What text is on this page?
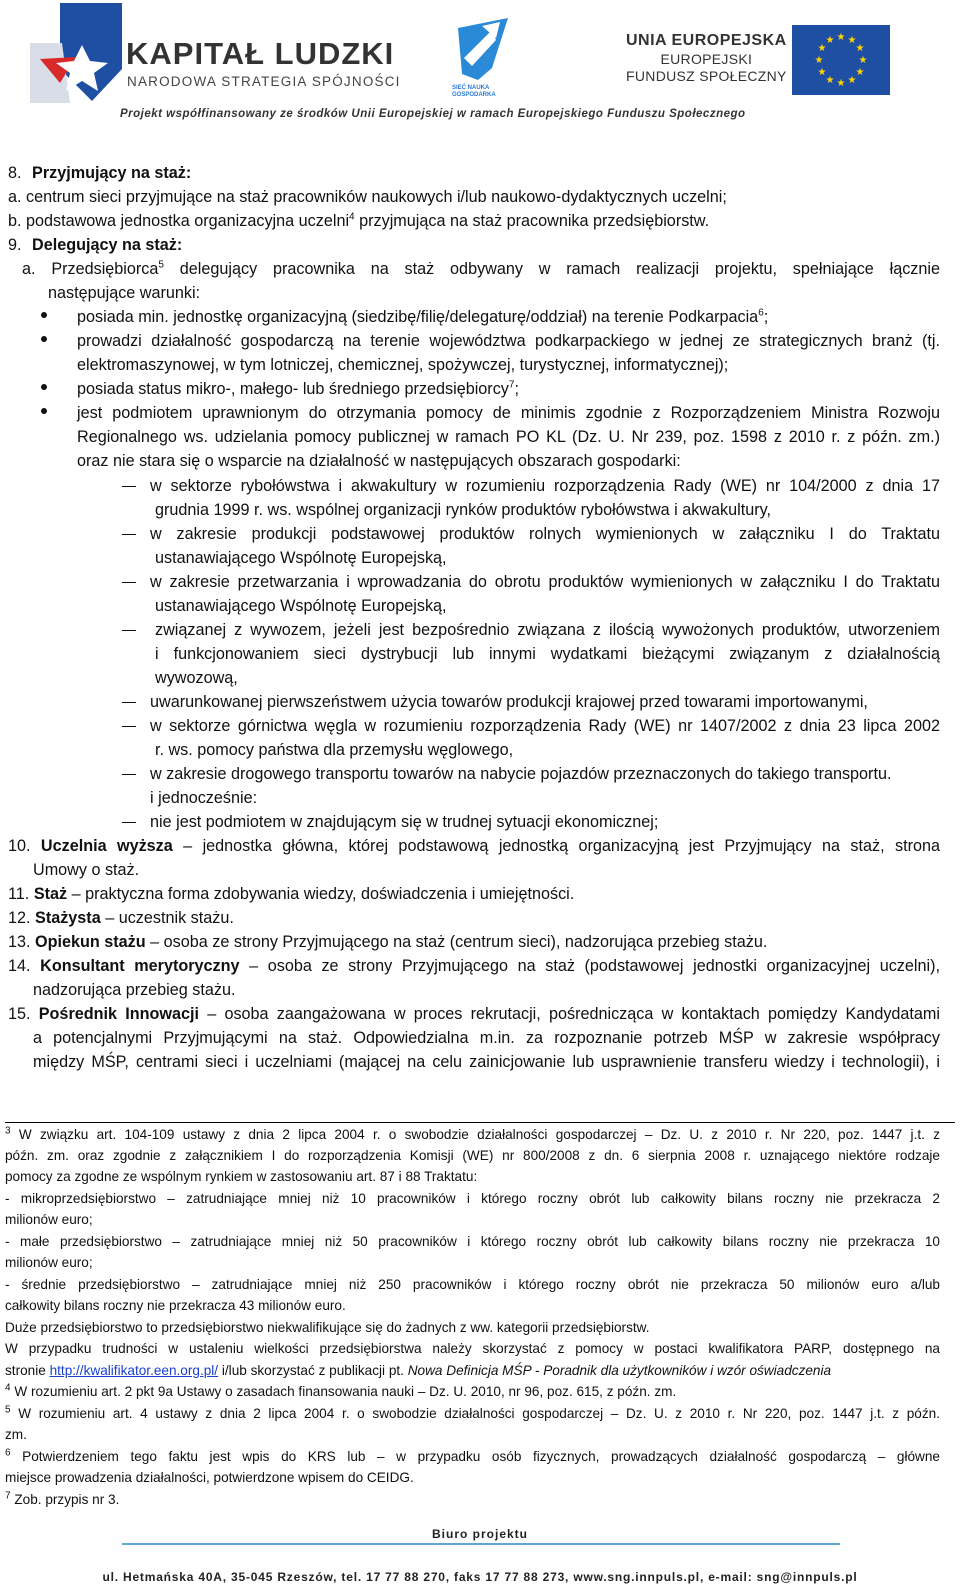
KAPITAŁ LUDZKI
NARODOWA STRATEGIA SPÓJNOŚCI	SIEĆ NAUKA GOSPODARKA
UNIA EUROPEJSKA
EUROPEJSKI
FUNDUSZ SPOŁECZNY
★ ★
★
★
★
★
★
★
★
★
★
★
Projekt współfinansowany ze środków Unii Europejskiej w ramach Europejskiego Funduszu Społecznego
8. Przyjmujący na staż:
a. centrum sieci przyjmujące na staż pracowników naukowych i/lub naukowo-dydaktycznych uczelni;
b. podstawowa jednostka organizacyjna uczelni$^4$ przyjmująca na staż pracownika przedsiębiorstw.
9. Delegujący na staż:
a. Przedsiębiorca$^5$ delegujący pracownika na staż odbywany w ramach realizacji projektu, spełniające łącznie
następujące warunki:
posiada min. jednostkę organizacyjną (siedzibę/filię/delegaturę/oddział) na terenie Podkarpacia$^6$;
prowadzi działalność gospodarczą na terenie województwa podkarpackiego w jednej ze strategicznych branż (tj.
elektromaszynowej, w tym lotniczej, chemicznej, spożywczej, turystycznej, informatycznej);
posiada status mikro-, małego- lub średniego przedsiębiorcy$^7$;
jest podmiotem uprawnionym do otrzymania pomocy de minimis zgodnie z Rozporządzeniem Ministra Rozwoju
Regionalnego ws. udzielania pomocy publicznej w ramach PO KL (Dz. U. Nr 239, poz. 1598 z 2010 r. z późn. zm.)
oraz nie stara się o wsparcie na działalność w następujących obszarach gospodarki:
w sektorze rybołówstwa i akwakultury w rozumieniu rozporządzenia Rady (WE) nr 104/2000 z dnia 17
grudnia 1999 r. ws. wspólnej organizacji rynków produktów rybołówstwa i akwakultury,
w zakresie produkcji podstawowej produktów rolnych wymienionych w załączniku I do Traktatu
ustanawiającego Wspólnotę Europejską,
w zakresie przetwarzania i wprowadzania do obrotu produktów wymienionych w załączniku I do Traktatu
ustanawiającego Wspólnotę Europejską,
związanej z wywozem, jeżeli jest bezpośrednio związana z ilością wywożonych produktów, utworzeniem
i funkcjonowaniem sieci dystrybucji lub innymi wydatkami bieżącymi związanym z działalnością
wywozową,
uwarunkowanej pierwszeństwem użycia towarów produkcji krajowej przed towarami importowanymi,
w sektorze górnictwa węgla w rozumieniu rozporządzenia Rady (WE) nr 1407/2002 z dnia 23 lipca 2002
r. ws. pomocy państwa dla przemysłu węglowego,
w zakresie drogowego transportu towarów na nabycie pojazdów przeznaczonych do takiego transportu.
i jednocześnie:
nie jest podmiotem w znajdującym się w trudnej sytuacji ekonomicznej;
10. Uczelnia wyższa – jednostka główna, której podstawową jednostką organizacyjną jest Przyjmujący na staż, strona
Umowy o staż.
11. Staż – praktyczna forma zdobywania wiedzy, doświadczenia i umiejętności.
12. Stażysta – uczestnik stażu.
13. Opiekun stażu – osoba ze strony Przyjmującego na staż (centrum sieci), nadzorująca przebieg stażu.
14. Konsultant merytoryczny – osoba ze strony Przyjmującego na staż (podstawowej jednostki organizacyjnej uczelni),
nadzorująca przebieg stażu.
15. Pośrednik Innowacji – osoba zaangażowana w proces rekrutacji, pośrednicząca w kontaktach pomiędzy Kandydatami
a potencjalnymi Przyjmującymi na staż. Odpowiedzialna m.in. za rozpoznanie potrzeb MŚP w zakresie współpracy
między MŚP, centrami sieci i uczelniami (mającej na celu zainicjowanie lub usprawnienie transferu wiedzy i technologii), i
$^3$ W związku art. 104-109 ustawy z dnia 2 lipca 2004 r. o swobodzie działalności gospodarczej – Dz. U. z 2010 r. Nr 220, poz. 1447 j.t. z
późn. zm. oraz zgodnie z załącznikiem I do rozporządzenia Komisji (WE) nr 800/2008 z dn. 6 sierpnia 2008 r. uznającego niektóre rodzaje
pomocy za zgodne ze wspólnym rynkiem w zastosowaniu art. 87 i 88 Traktatu:
- mikroprzedsiębiorstwo – zatrudniające mniej niż 10 pracowników i którego roczny obrót lub całkowity bilans roczny nie przekracza 2
milionów euro;
- małe przedsiębiorstwo – zatrudniające mniej niż 50 pracowników i którego roczny obrót lub całkowity bilans roczny nie przekracza 10
milionów euro;
- średnie przedsiębiorstwo – zatrudniające mniej niż 250 pracowników i którego roczny obrót nie przekracza 50 milionów euro a/lub
całkowity bilans roczny nie przekracza 43 milionów euro.
Duże przedsiębiorstwo to przedsiębiorstwo niekwalifikujące się do żadnych z ww. kategorii przedsiębiorstw.
W przypadku trudności w ustaleniu wielkości przedsiębiorstwa należy skorzystać z pomocy w postaci kwalifikatora PARP, dostępnego na
stronie http://kwalifikator.een.org.pl/ i/lub skorzystać z publikacji pt. Nowa Definicja MŚP - Poradnik dla użytkowników i wzór oświadczenia
$^4$ W rozumieniu art. 2 pkt 9a Ustawy o zasadach finansowania nauki – Dz. U. 2010, nr 96, poz. 615, z późn. zm.
$^5$ W rozumieniu art. 4 ustawy z dnia 2 lipca 2004 r. o swobodzie działalności gospodarczej – Dz. U. z 2010 r. Nr 220, poz. 1447 j.t. z późn.
zm.
$^6$ Potwierdzeniem tego faktu jest wpis do KRS lub – w przypadku osób fizycznych, prowadzących działalność gospodarczą – główne
miejsce prowadzenia działalności, potwierdzone wpisem do CEIDG.
$^7$ Zob. przypis nr 3.
Biuro projektu
ul. Hetmańska 40A, 35-045 Rzeszów, tel. 17 77 88 270, faks 17 77 88 273, www.sng.innpuls.pl, e-mail: sng@innpuls.pl
